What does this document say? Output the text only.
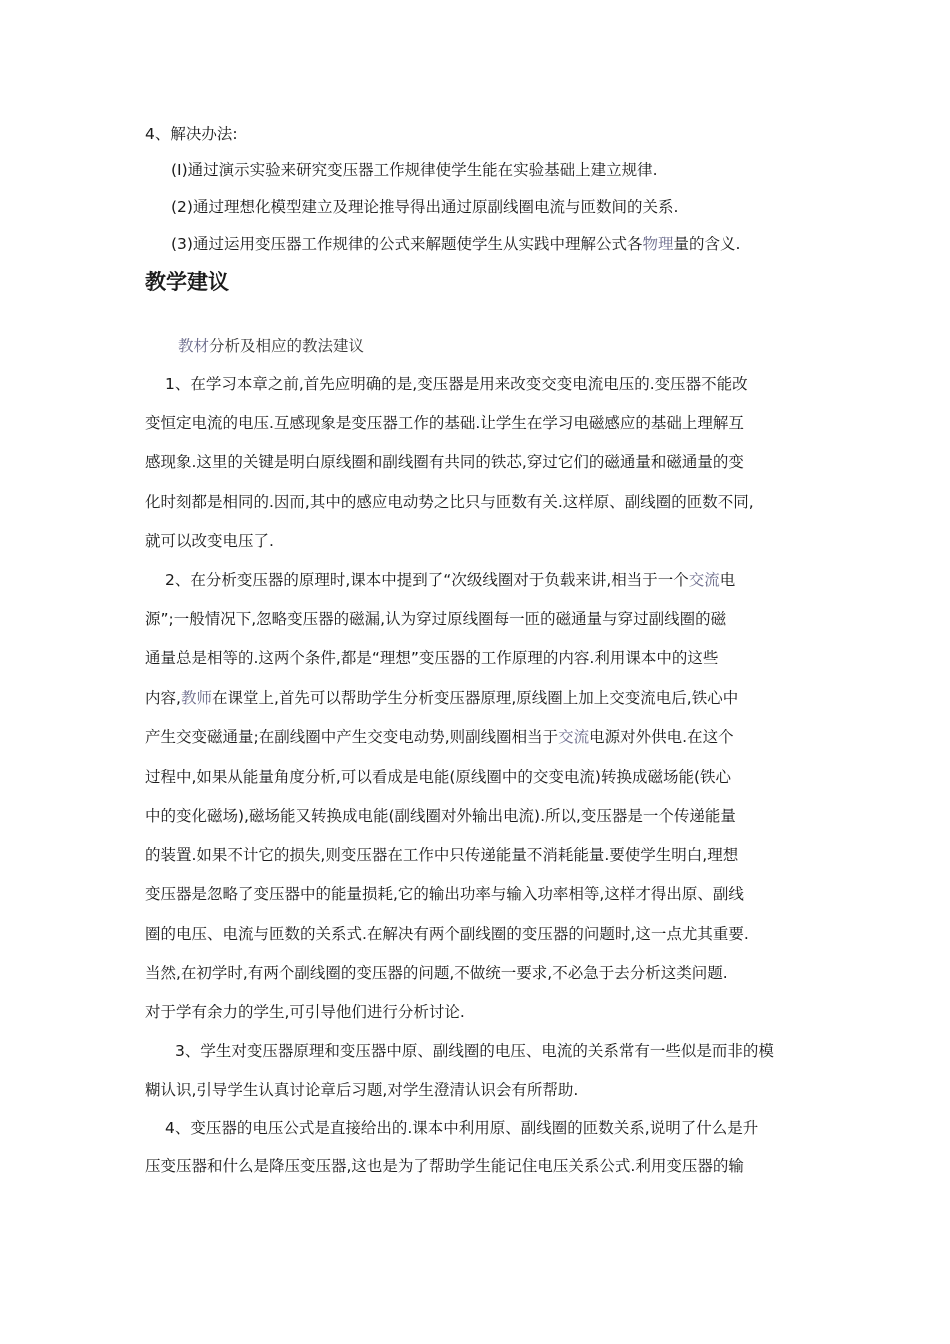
4、解决办法:
(Ⅰ)通过演示实验来研究变压器工作规律使学生能在实验基础上建立规律.
(2)通过理想化模型建立及理论推导得出通过原副线圈电流与匝数间的关系.
(3)通过运用变压器工作规律的公式来解题使学生从实践中理解公式各物理量的含义.
教学建议
教材分析及相应的教法建议
1、在学习本章之前,首先应明确的是,变压器是用来改变交变电流电压的.变压器不能改
变恒定电流的电压.互感现象是变压器工作的基础.让学生在学习电磁感应的基础上理解互
感现象.这里的关键是明白原线圈和副线圈有共同的铁芯,穿过它们的磁通量和磁通量的变
化时刻都是相同的.因而,其中的感应电动势之比只与匝数有关.这样原、副线圈的匝数不同,
就可以改变电压了.
2、在分析变压器的原理时,课本中提到了“次级线圈对于负载来讲,相当于一个交流电
源”;一般情况下,忽略变压器的磁漏,认为穿过原线圈每一匝的磁通量与穿过副线圈的磁
通量总是相等的.这两个条件,都是“理想”变压器的工作原理的内容.利用课本中的这些
内容,教师在课堂上,首先可以帮助学生分析变压器原理,原线圈上加上交变流电后,铁心中
产生交变磁通量;在副线圈中产生交变电动势,则副线圈相当于交流电源对外供电.在这个
过程中,如果从能量角度分析,可以看成是电能(原线圈中的交变电流)转换成磁场能(铁心
中的变化磁场),磁场能又转换成电能(副线圈对外输出电流).所以,变压器是一个传递能量
的装置.如果不计它的损失,则变压器在工作中只传递能量不消耗能量.要使学生明白,理想
变压器是忽略了变压器中的能量损耗,它的输出功率与输入功率相等,这样才得出原、副线
圈的电压、电流与匝数的关系式.在解决有两个副线圈的变压器的问题时,这一点尤其重要.
当然,在初学时,有两个副线圈的变压器的问题,不做统一要求,不必急于去分析这类问题.
对于学有余力的学生,可引导他们进行分析讨论.
3、学生对变压器原理和变压器中原、副线圈的电压、电流的关系常有一些似是而非的模
糊认识,引导学生认真讨论章后习题,对学生澄清认识会有所帮助.
4、变压器的电压公式是直接给出的.课本中利用原、副线圈的匝数关系,说明了什么是升
压变压器和什么是降压变压器,这也是为了帮助学生能记住电压关系公式.利用变压器的输
